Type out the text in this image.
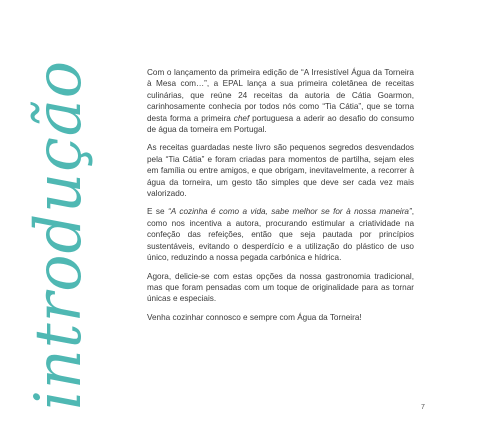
introdução	Com o lançamento da primeira edição de “A Irresistível Água da Torneira à Mesa com…”, a EPAL lança a sua primeira coletânea de receitas culinárias, que reúne 24 receitas da autoria de Cátia Goarmon, carinhosamente conhecia por todos nós como “Tia Cátia”, que se torna desta forma a primeira chef portuguesa a aderir ao desafio do consumo de água da torneira em Portugal.

As receitas guardadas neste livro são pequenos segredos desvendados pela “Tia Cátia” e foram criadas para momentos de partilha, sejam eles em família ou entre amigos, e que obrigam, inevitavelmente, a recorrer à água da torneira, um gesto tão simples que deve ser cada vez mais valorizado.

E se “A cozinha é como a vida, sabe melhor se for à nossa maneira”, como nos incentiva a autora, procurando estimular a criatividade na confeção das refeições, então que seja pautada por princípios sustentáveis, evitando o desperdício e a utilização do plástico de uso único, reduzindo a nossa pegada carbónica e hídrica.

Agora, delicie-se com estas opções da nossa gastronomia tradicional, mas que foram pensadas com um toque de originalidade para as tornar únicas e especiais.

Venha cozinhar connosco e sempre com Água da Torneira!

7
